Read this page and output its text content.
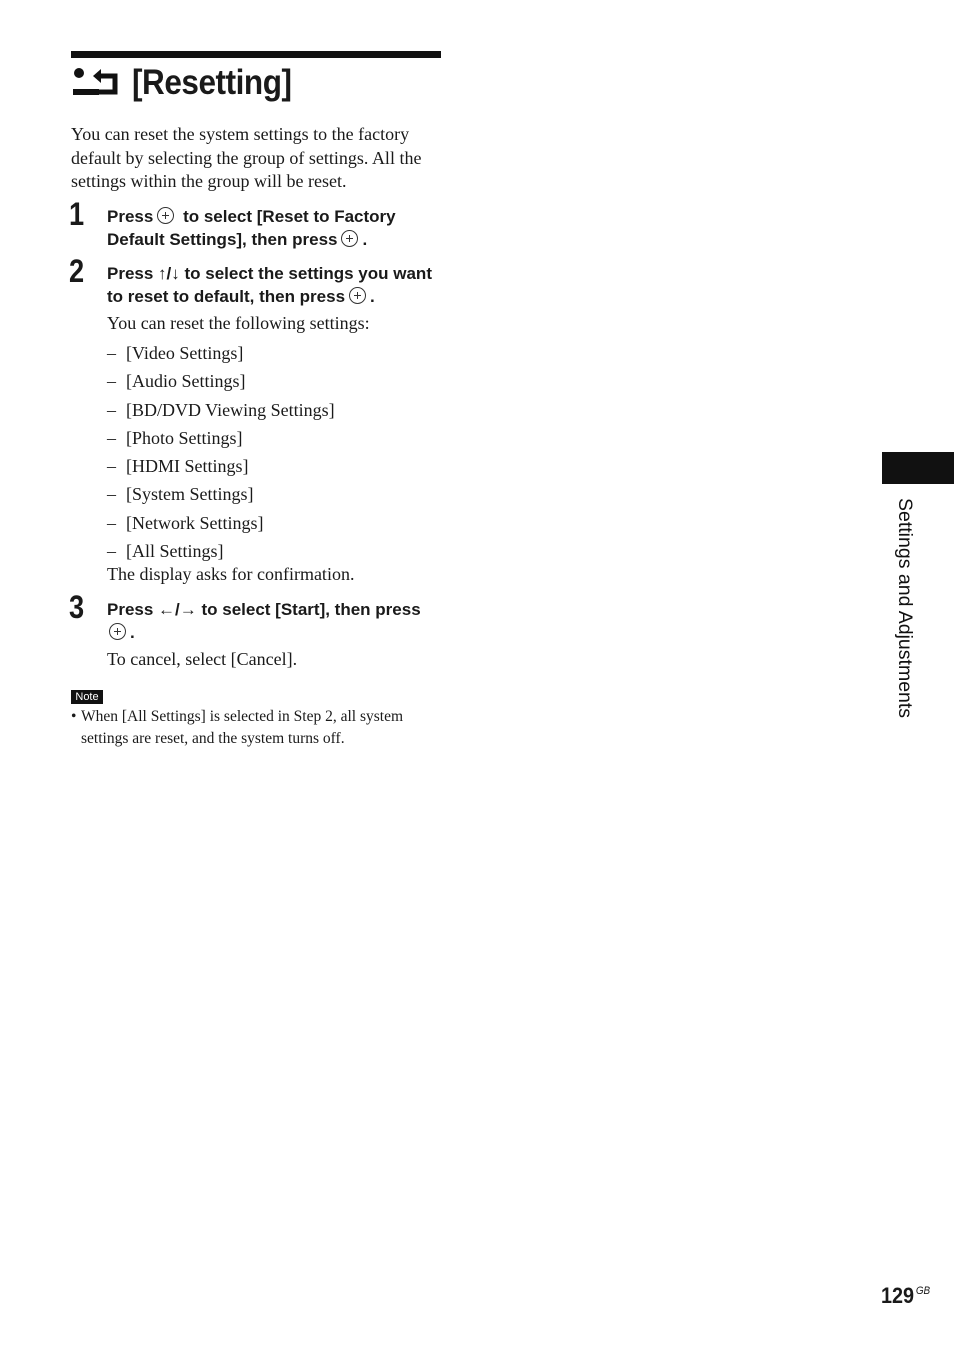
[Resetting]
You can reset the system settings to the factory default by selecting the group of settings. All the settings within the group will be reset.
1 Press to select [Reset to Factory Default Settings], then press .
2 Press ↑/↓ to select the settings you want to reset to default, then press .
You can reset the following settings:
– [Video Settings]
– [Audio Settings]
– [BD/DVD Viewing Settings]
– [Photo Settings]
– [HDMI Settings]
– [System Settings]
– [Network Settings]
– [All Settings]
The display asks for confirmation.
3 Press ←/→ to select [Start], then press
.
To cancel, select [Cancel].
Note
• When [All Settings] is selected in Step 2, all system
settings are reset, and the system turns off.
Settings and Adjustments
129 $^{GB}$
